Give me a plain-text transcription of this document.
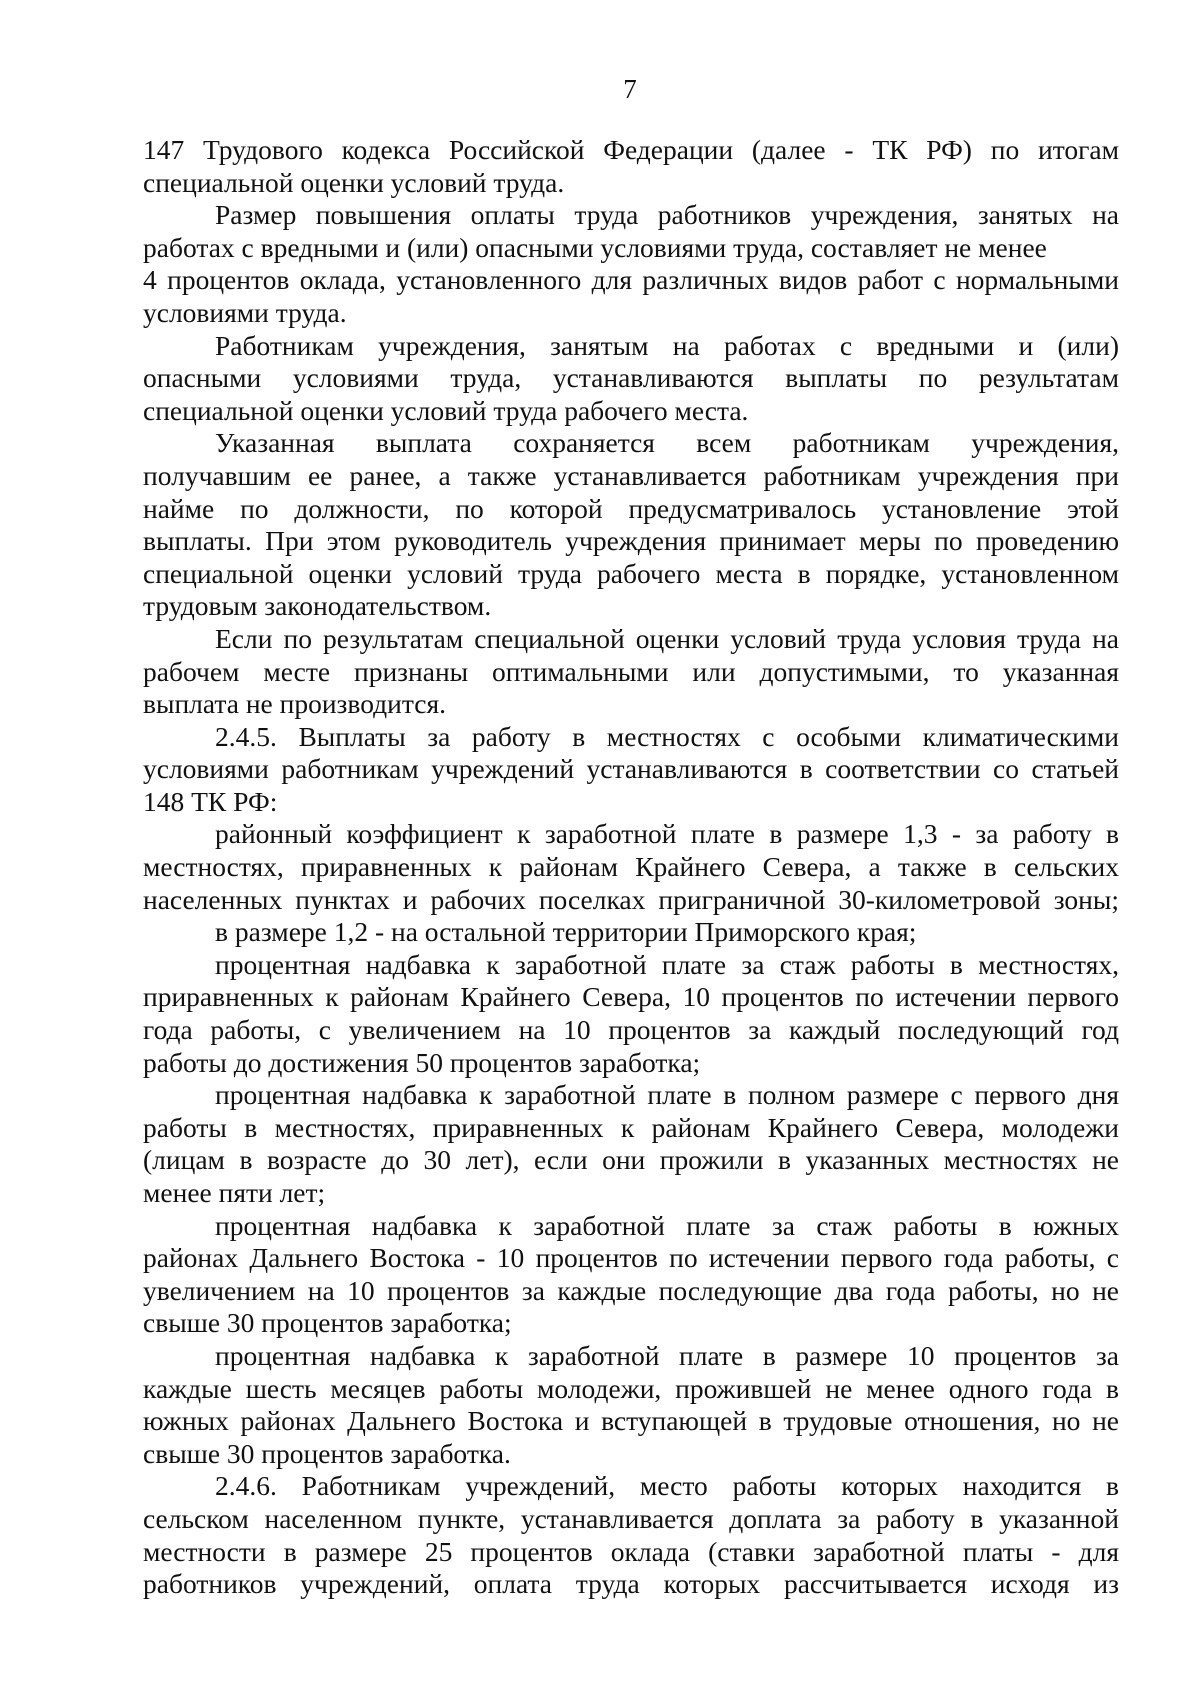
7
147 Трудового кодекса Российской Федерации (далее - ТК РФ) по итогам
специальной оценки условий труда.
Размер повышения оплаты труда работников учреждения, занятых на
работах с вредными и (или) опасными условиями труда, составляет не менее
4 процентов оклада, установленного для различных видов работ с нормальными
условиями труда.
Работникам учреждения, занятым на работах с вредными и (или)
опасными условиями труда, устанавливаются выплаты по результатам
специальной оценки условий труда рабочего места.
Указанная выплата сохраняется всем работникам учреждения,
получавшим ее ранее, а также устанавливается работникам учреждения при
найме по должности, по которой предусматривалось установление этой
выплаты. При этом руководитель учреждения принимает меры по проведению
специальной оценки условий труда рабочего места в порядке, установленном
трудовым законодательством.
Если по результатам специальной оценки условий труда условия труда на
рабочем месте признаны оптимальными или допустимыми, то указанная
выплата не производится.
2.4.5. Выплаты за работу в местностях с особыми климатическими
условиями работникам учреждений устанавливаются в соответствии со статьей
148 ТК РФ:
районный коэффициент к заработной плате в размере 1,3 - за работу в
местностях, приравненных к районам Крайнего Севера, а также в сельских
населенных пунктах и рабочих поселках приграничной 30-километровой зоны;
в размере 1,2 - на остальной территории Приморского края;
процентная надбавка к заработной плате за стаж работы в местностях,
приравненных к районам Крайнего Севера, 10 процентов по истечении первого
года работы, с увеличением на 10 процентов за каждый последующий год
работы до достижения 50 процентов заработка;
процентная надбавка к заработной плате в полном размере с первого дня
работы в местностях, приравненных к районам Крайнего Севера, молодежи
(лицам в возрасте до 30 лет), если они прожили в указанных местностях не
менее пяти лет;
процентная надбавка к заработной плате за стаж работы в южных
районах Дальнего Востока - 10 процентов по истечении первого года работы, с
увеличением на 10 процентов за каждые последующие два года работы, но не
свыше 30 процентов заработка;
процентная надбавка к заработной плате в размере 10 процентов за
каждые шесть месяцев работы молодежи, прожившей не менее одного года в
южных районах Дальнего Востока и вступающей в трудовые отношения, но не
свыше 30 процентов заработка.
2.4.6. Работникам учреждений, место работы которых находится в
сельском населенном пункте, устанавливается доплата за работу в указанной
местности в размере 25 процентов оклада (ставки заработной платы - для
работников учреждений, оплата труда которых рассчитывается исходя из
